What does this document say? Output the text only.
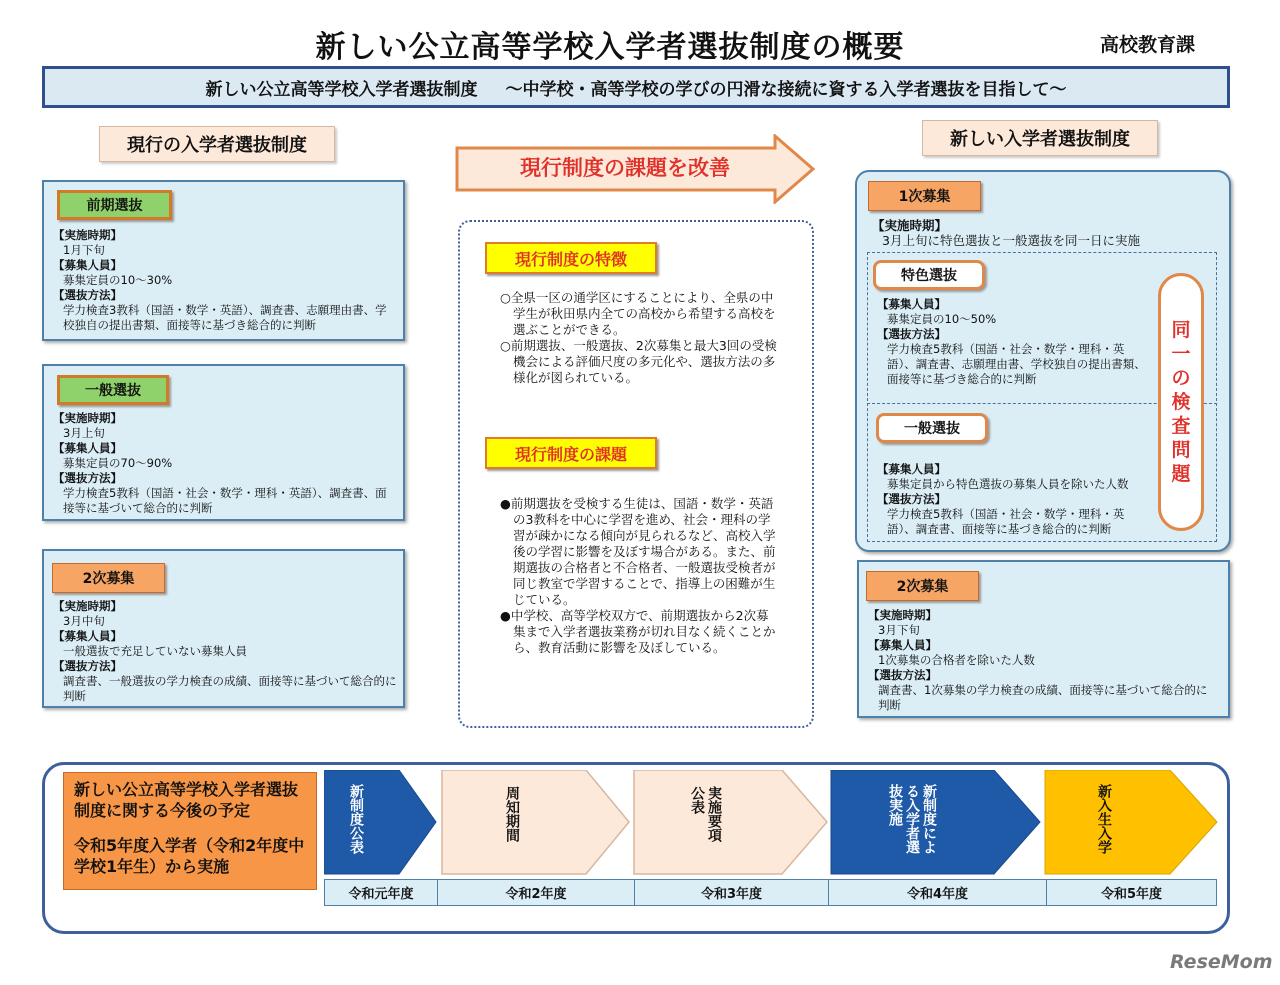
新しい公立高等学校入学者選抜制度の概要	高校教育課
新しい公立高等学校入学者選抜制度 ～中学校・高等学校の学びの円滑な接続に資する入学者選抜を目指して～
現行の入学者選抜制度
前期選抜
【実施時期】
1月下旬
【募集人員】
募集定員の10～30%
【選抜方法】
学力検査3教科（国語・数学・英語）、調査書、志願理由書、学校独自の提出書類、面接等に基づき総合的に判断
一般選抜
【実施時期】
3月上旬
【募集人員】
募集定員の70～90%
【選抜方法】
学力検査5教科（国語・社会・数学・理科・英語）、調査書、面接等に基づいて総合的に判断
2次募集
【実施時期】
3月中旬
【募集人員】
一般選抜で充足していない募集人員
【選抜方法】
調査書、一般選抜の学力検査の成績、面接等に基づいて総合的に判断
現行制度の課題を改善
現行制度の特徴

○全県一区の通学区にすることにより、全県の中学生が秋田県内全ての高校から希望する高校を選ぶことができる。

○前期選抜、一般選抜、2次募集と最大3回の受検機会による評価尺度の多元化や、選抜方法の多様化が図られている。

現行制度の課題

●前期選抜を受検する生徒は、国語・数学・英語の3教科を中心に学習を進め、社会・理科の学習が疎かになる傾向が見られるなど、高校入学後の学習に影響を及ぼす場合がある。また、前期選抜の合格者と不合格者、一般選抜受検者が同じ教室で学習することで、指導上の困難が生じている。

●中学校、高等学校双方で、前期選抜から2次募集まで入学者選抜業務が切れ目なく続くことから、教育活動に影響を及ぼしている。

新しい入学者選抜制度
1次募集
【実施時期】
3月上旬に特色選抜と一般選抜を同一日に実施
特色選抜
【募集人員】
募集定員の10～50%
【選抜方法】
学力検査5教科（国語・社会・数学・理科・英語）、調査書、志願理由書、学校独自の提出書類、面接等に基づき総合的に判断
一般選抜
【募集人員】
募集定員から特色選抜の募集人員を除いた人数
【選抜方法】
学力検査5教科（国語・社会・数学・理科・英語）、調査書、面接等に基づき総合的に判断
同
一
の
検
査
問
題
2次募集
【実施時期】
3月下旬
【募集人員】
1次募集の合格者を除いた人数
【選抜方法】
調査書、1次募集の学力検査の成績、面接等に基づいて総合的に判断
新しい公立高等学校入学者選抜制度に関する今後の予定
令和5年度入学者（令和2年度中学校1年生）から実施
新制度公表	周知期間	実施要項公表	新制度による入学者選抜実施	新入生入学
令和元年度	令和2年度	令和3年度	令和4年度	令和5年度
ReseMom
